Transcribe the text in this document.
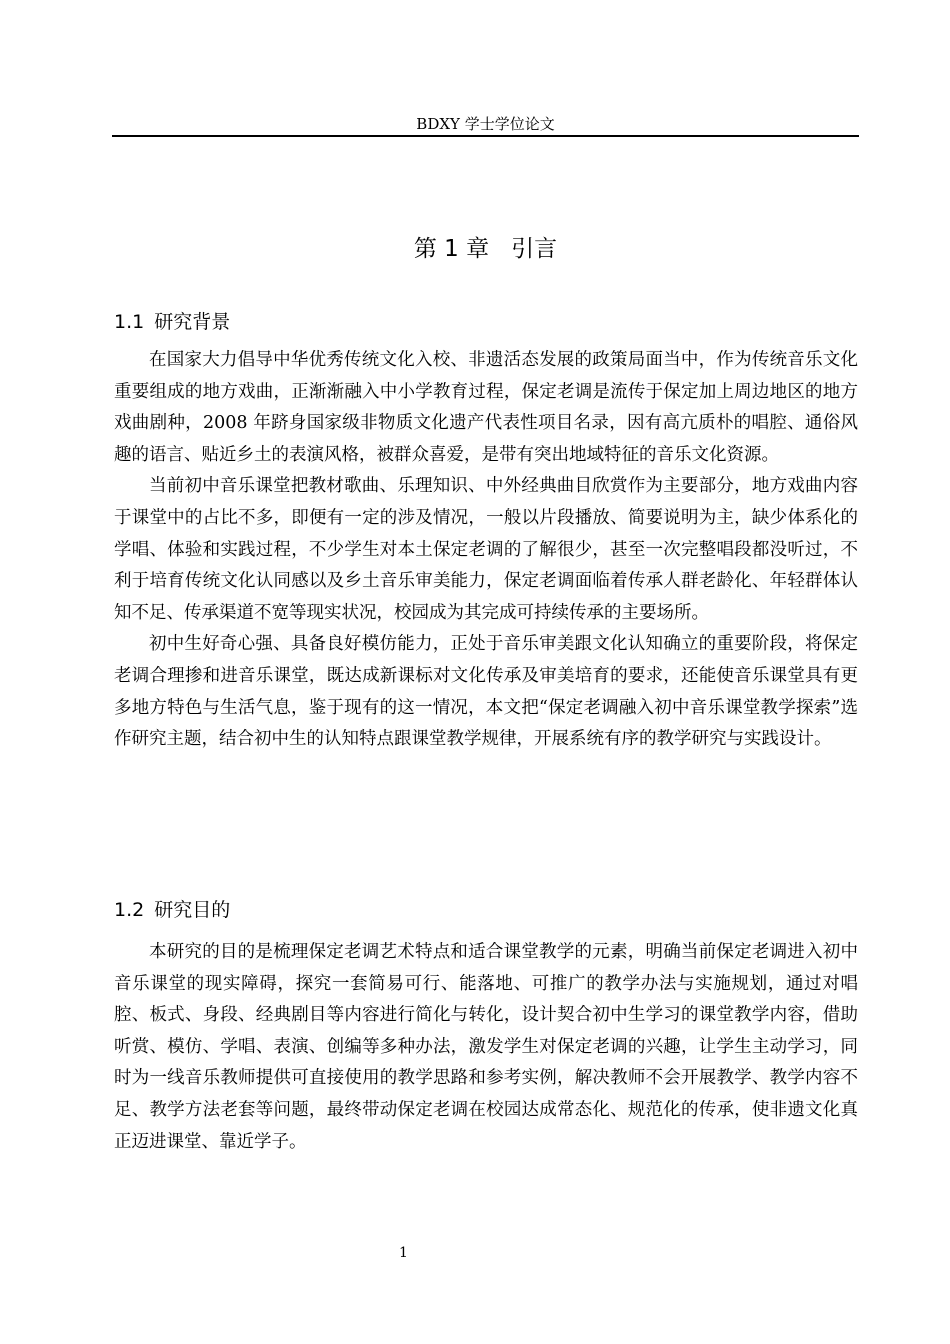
BDXY 学士学位论文
第 1 章 引言
1.1 研究背景

在国家大力倡导中华优秀传统文化入校、非遗活态发展的政策局面当中，作为传统音乐文化重要组成的地方戏曲，正渐渐融入中小学教育过程，保定老调是流传于保定加上周边地区的地方戏曲剧种，2008 年跻身国家级非物质文化遗产代表性项目名录，因有高亢质朴的唱腔、通俗风趣的语言、贴近乡土的表演风格，被群众喜爱，是带有突出地域特征的音乐文化资源。

当前初中音乐课堂把教材歌曲、乐理知识、中外经典曲目欣赏作为主要部分，地方戏曲内容于课堂中的占比不多，即便有一定的涉及情况，一般以片段播放、简要说明为主，缺少体系化的学唱、体验和实践过程，不少学生对本土保定老调的了解很少，甚至一次完整唱段都没听过，不利于培育传统文化认同感以及乡土音乐审美能力，保定老调面临着传承人群老龄化、年轻群体认知不足、传承渠道不宽等现实状况，校园成为其完成可持续传承的主要场所。

初中生好奇心强、具备良好模仿能力，正处于音乐审美跟文化认知确立的重要阶段，将保定老调合理掺和进音乐课堂，既达成新课标对文化传承及审美培育的要求，还能使音乐课堂具有更多地方特色与生活气息，鉴于现有的这一情况，本文把“保定老调融入初中音乐课堂教学探索”选作研究主题，结合初中生的认知特点跟课堂教学规律，开展系统有序的教学研究与实践设计。

1.2 研究目的

本研究的目的是梳理保定老调艺术特点和适合课堂教学的元素，明确当前保定老调进入初中音乐课堂的现实障碍，探究一套简易可行、能落地、可推广的教学办法与实施规划，通过对唱腔、板式、身段、经典剧目等内容进行简化与转化，设计契合初中生学习的课堂教学内容，借助听赏、模仿、学唱、表演、创编等多种办法，激发学生对保定老调的兴趣，让学生主动学习，同时为一线音乐教师提供可直接使用的教学思路和参考实例，解决教师不会开展教学、教学内容不足、教学方法老套等问题，最终带动保定老调在校园达成常态化、规范化的传承，使非遗文化真正迈进课堂、靠近学子。

1
